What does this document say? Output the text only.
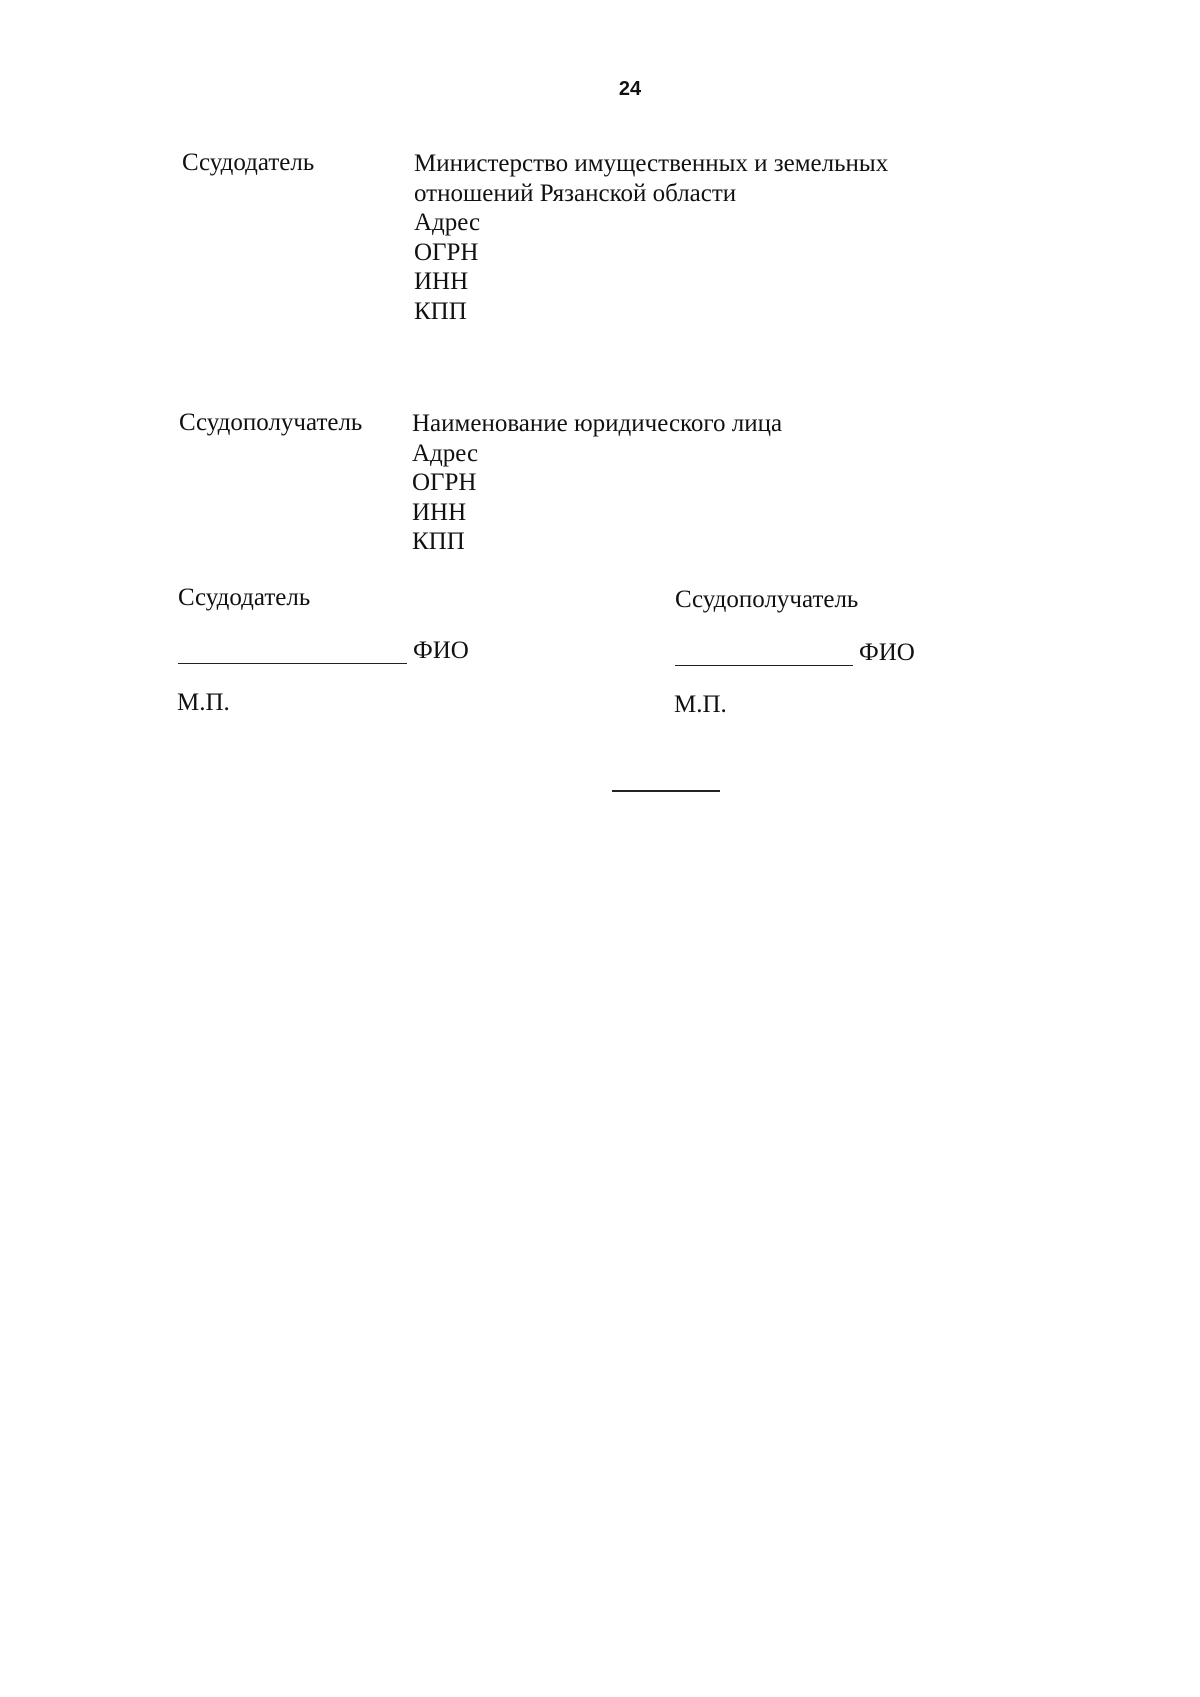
24
Ссудодатель	Министерство имущественных и земельных
отношений Рязанской области
Адрес
ОГРН
ИНН
КПП
Ссудополучатель Наименование юридического лица
Адрес
ОГРН
ИНН
КПП
Ссудодатель	Ссудополучатель
ФИО	ФИО
М.П.	М.П.
